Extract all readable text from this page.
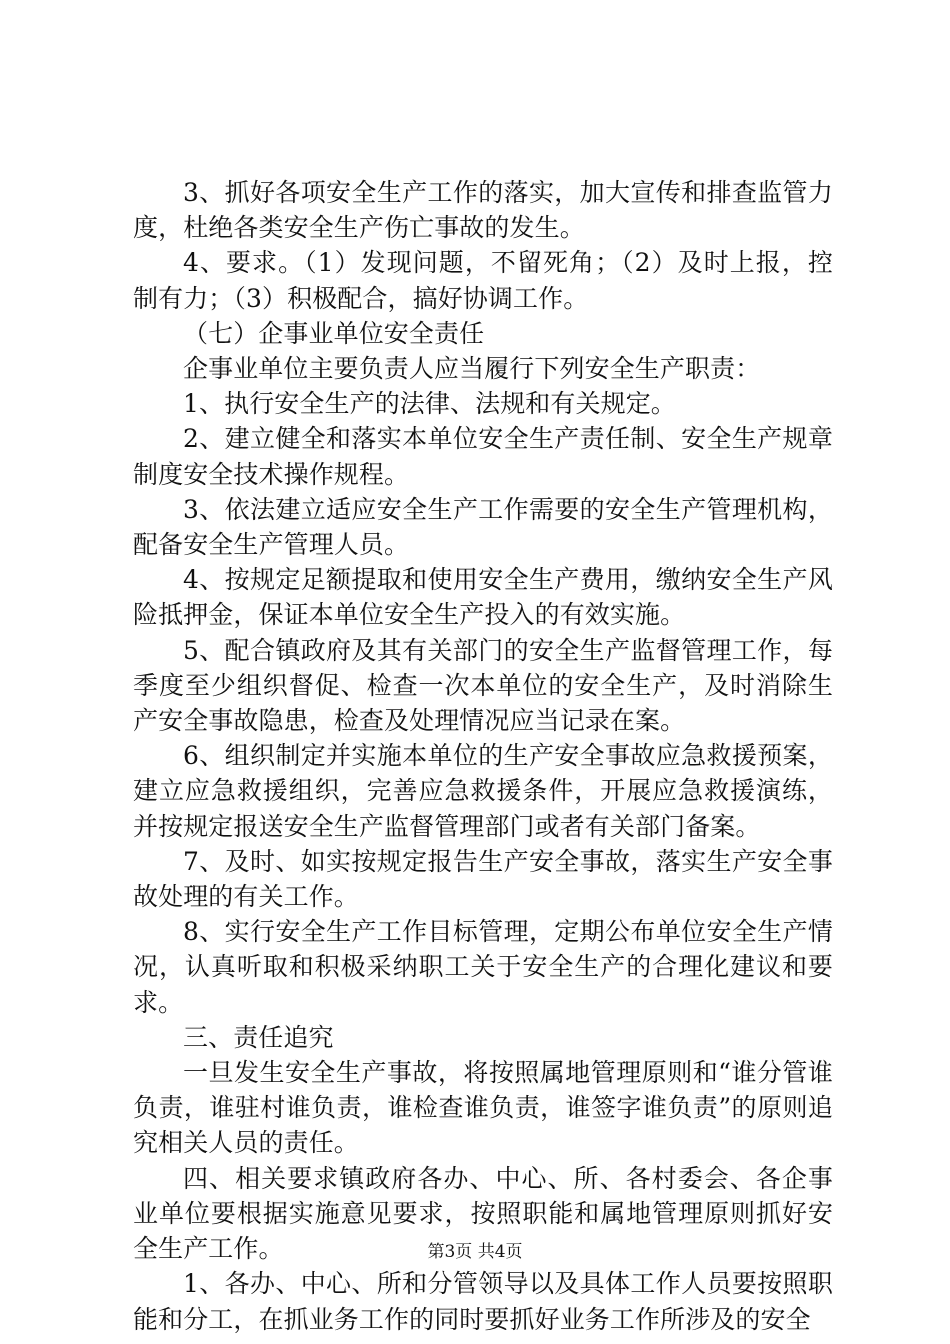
3、抓好各项安全生产工作的落实，加大宣传和排查监管力度，杜绝各类安全生产伤亡事故的发生。

4、要求。（1）发现问题，不留死角；（2）及时上报，控制有力；（3）积极配合，搞好协调工作。

（七）企事业单位安全责任

企事业单位主要负责人应当履行下列安全生产职责：

1、执行安全生产的法律、法规和有关规定。

2、建立健全和落实本单位安全生产责任制、安全生产规章制度安全技术操作规程。

3、依法建立适应安全生产工作需要的安全生产管理机构，配备安全生产管理人员。

4、按规定足额提取和使用安全生产费用，缴纳安全生产风险抵押金，保证本单位安全生产投入的有效实施。

5、配合镇政府及其有关部门的安全生产监督管理工作，每季度至少组织督促、检查一次本单位的安全生产，及时消除生产安全事故隐患，检查及处理情况应当记录在案。

6、组织制定并实施本单位的生产安全事故应急救援预案，建立应急救援组织，完善应急救援条件，开展应急救援演练，并按规定报送安全生产监督管理部门或者有关部门备案。

7、及时、如实按规定报告生产安全事故，落实生产安全事故处理的有关工作。

8、实行安全生产工作目标管理，定期公布单位安全生产情况，认真听取和积极采纳职工关于安全生产的合理化建议和要求。

三、责任追究

一旦发生安全生产事故，将按照属地管理原则和“谁分管谁负责，谁驻村谁负责，谁检查谁负责，谁签字谁负责”的原则追究相关人员的责任。

四、相关要求镇政府各办、中心、所、各村委会、各企事业单位要根据实施意见要求，按照职能和属地管理原则抓好安全生产工作。

1、各办、中心、所和分管领导以及具体工作人员要按照职能和分工，在抓业务工作的同时要抓好业务工作所涉及的安全

第3页 共4页
